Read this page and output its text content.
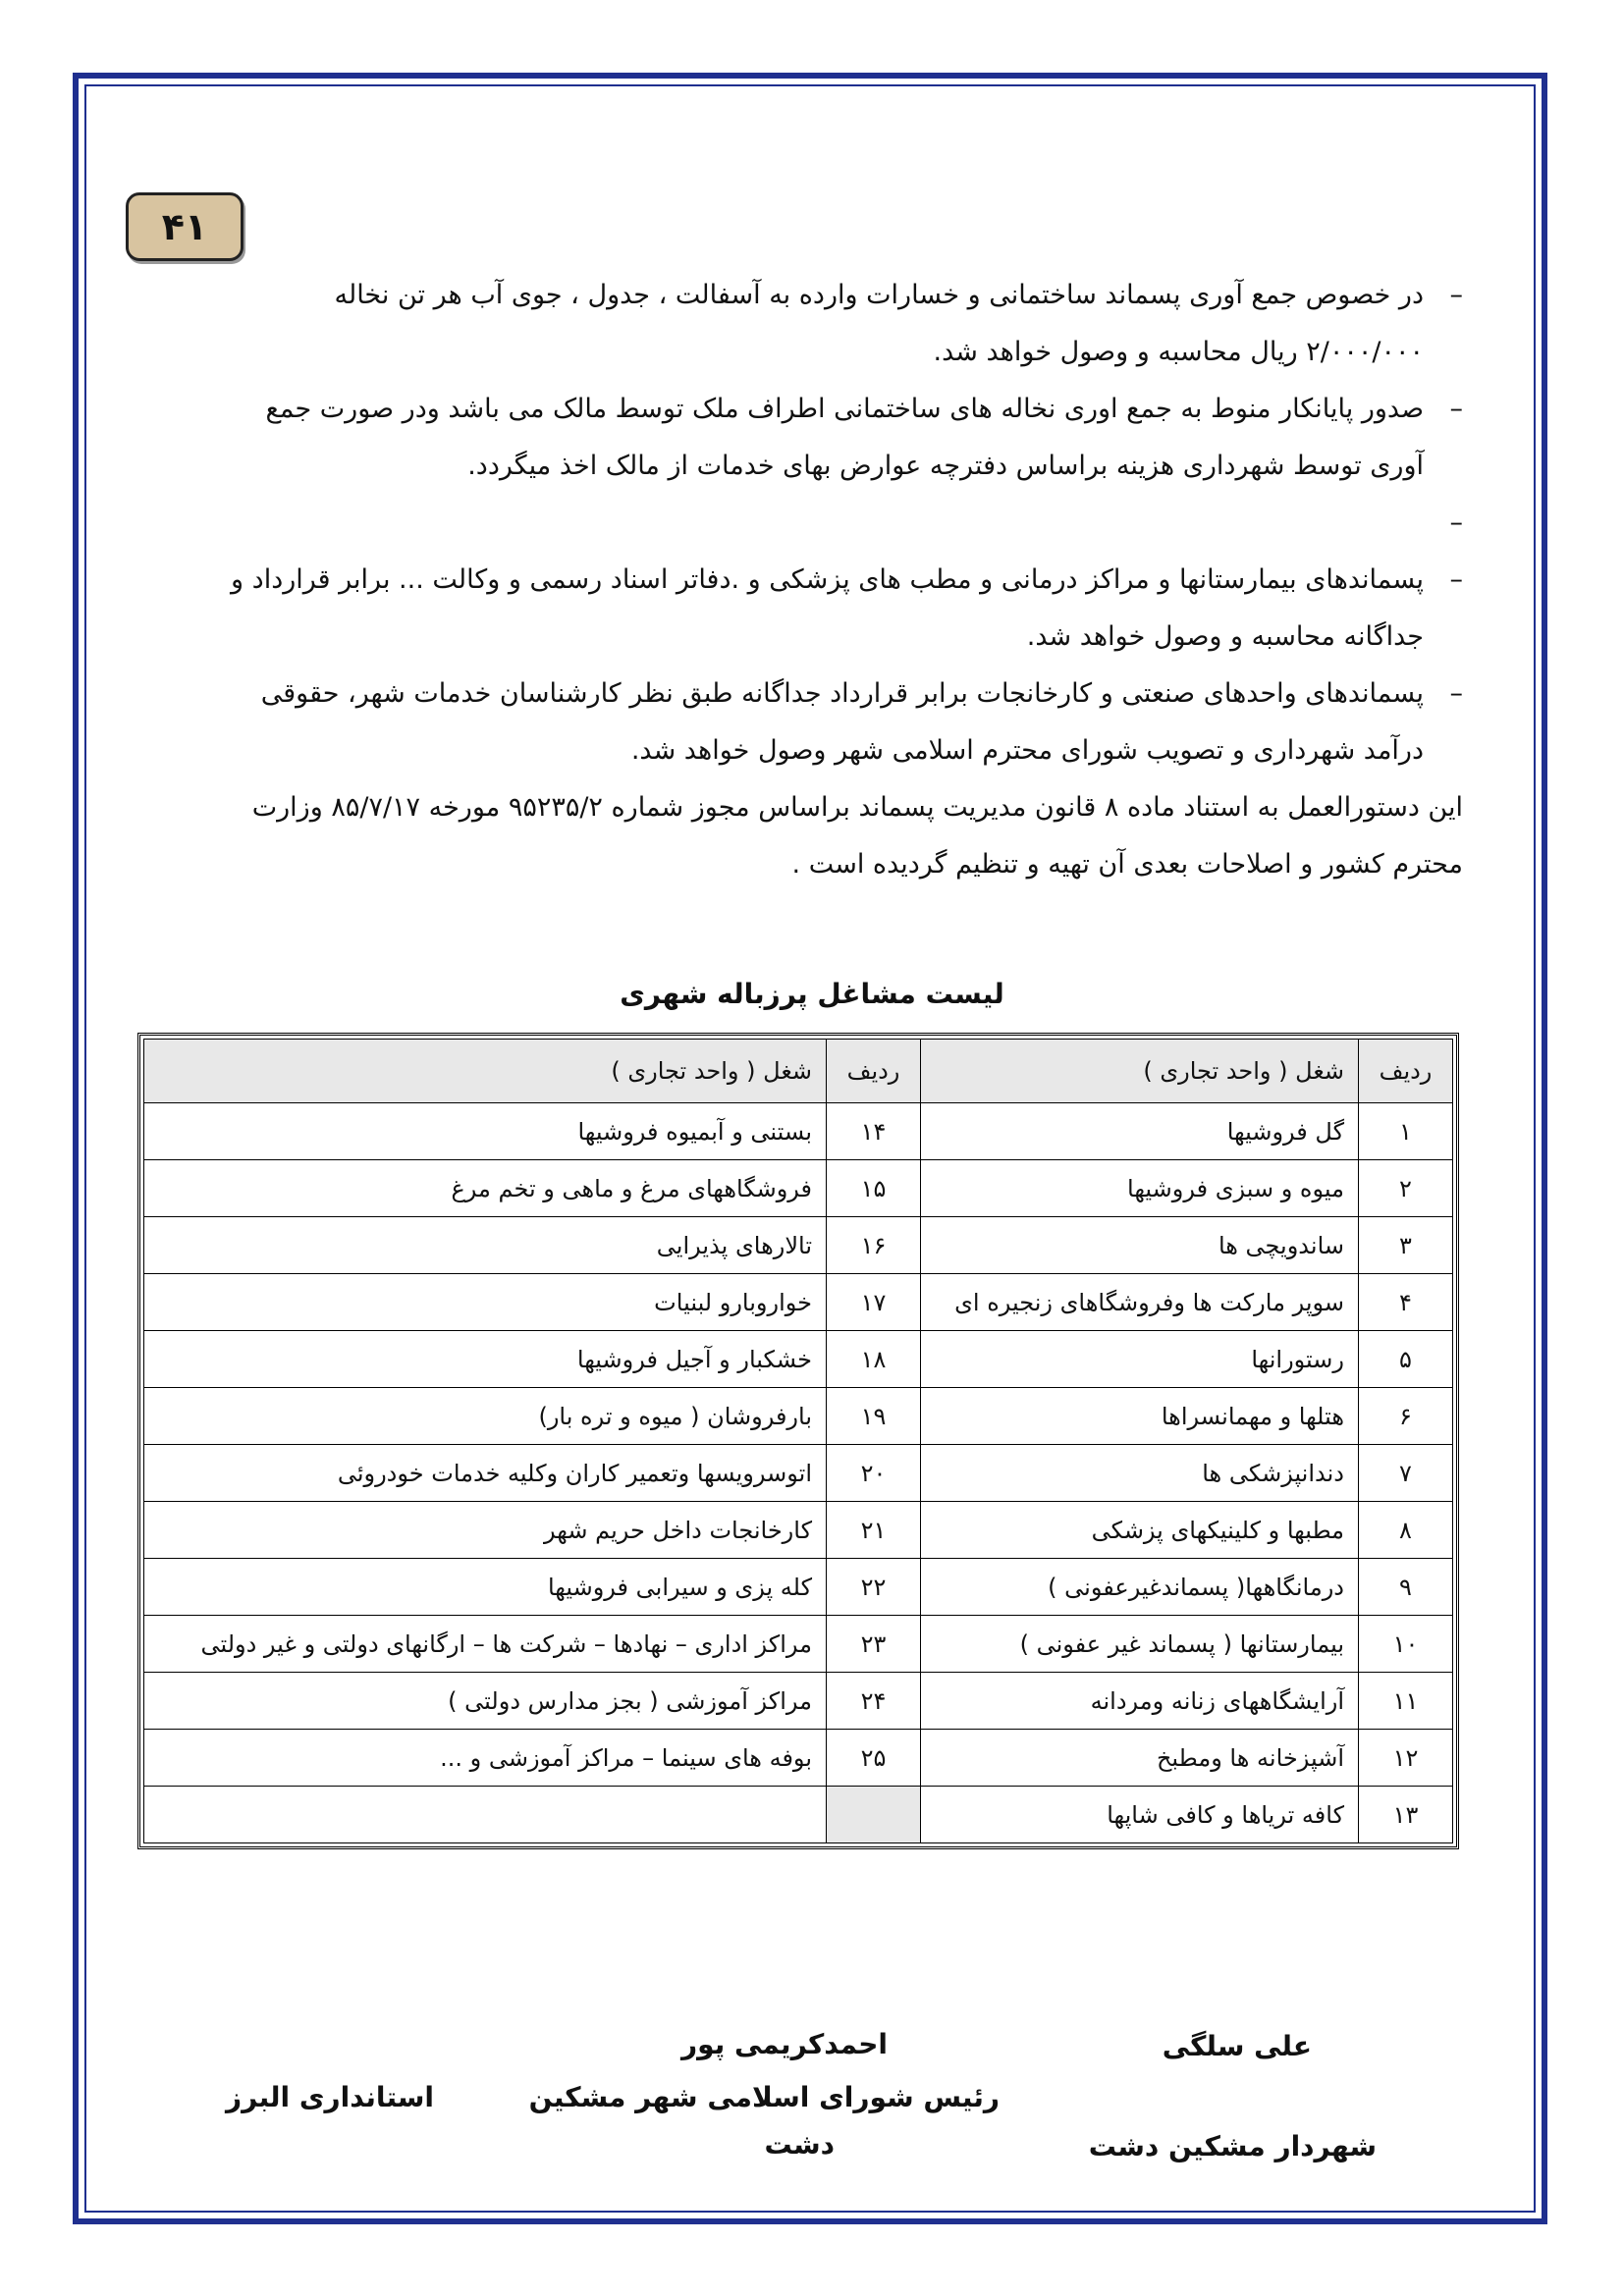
۴۱
–

در خصوص جمع آوری پسماند ساختمانی و خسارات وارده به آسفالت ، جدول ، جوی آب هر تن نخاله

۲/۰۰۰/۰۰۰ ریال محاسبه و وصول خواهد شد.

–

صدور پایانکار منوط به جمع اوری نخاله های ساختمانی اطراف ملک توسط مالک می باشد ودر صورت جمع

آوری توسط شهرداری هزینه براساس دفترچه عوارض بهای خدمات از مالک اخذ میگردد.

–

–

پسماندهای بیمارستانها و مراکز درمانی و مطب های پزشکی و .دفاتر اسناد رسمی و وکالت ... برابر قرارداد و

جداگانه محاسبه و وصول خواهد شد.

–

پسماندهای واحدهای صنعتی و کارخانجات برابر قرارداد جداگانه طبق نظر کارشناسان خدمات شهر، حقوقی

درآمد شهرداری و تصویب شورای محترم اسلامی شهر وصول خواهد شد.

این دستورالعمل به استناد ماده ۸ قانون مدیریت پسماند براساس مجوز شماره ۹۵۲۳۵/۲ مورخه ۸۵/۷/۱۷ وزارت

محترم کشور و اصلاحات بعدی آن تهیه و تنظیم گردیده است .

لیست مشاغل پرزباله شهری
ردیف	شغل ( واحد تجاری )	ردیف	شغل ( واحد تجاری )
۱	گل فروشیها	۱۴	بستنی و آبمیوه فروشیها
۲	میوه و سبزی فروشیها	۱۵	فروشگاههای مرغ و ماهی و تخم مرغ
۳	ساندویچی ها	۱۶	تالارهای پذیرایی
۴	سوپر مارکت ها وفروشگاهای زنجیره ای	۱۷	خواروبارو لبنیات
۵	رستورانها	۱۸	خشکبار و آجیل فروشیها
۶	هتلها و مهمانسراها	۱۹	بارفروشان ( میوه و تره بار)
۷	دندانپزشکی ها	۲۰	اتوسرویسها وتعمیر کاران وکلیه خدمات خودروئی
۸	مطبها و کلینیکهای پزشکی	۲۱	کارخانجات داخل حریم شهر
۹	درمانگاهها( پسماندغیرعفونی )	۲۲	کله پزی و سیرابی فروشیها
۱۰	بیمارستانها ( پسماند غیر عفونی )	۲۳	مراکز اداری – نهادها – شرکت ها – ارگانهای دولتی و غیر دولتی
۱۱	آرایشگاههای زنانه ومردانه	۲۴	مراکز آموزشی ( بجز مدارس دولتی )
۱۲	آشپزخانه ها ومطبخ	۲۵	بوفه های سینما – مراکز آموزشی و ...
۱۳	کافه تریاها و کافی شاپها		
علی سلگی
شهردار مشکین دشت
احمدکریمی پور
رئیس شورای اسلامی شهر مشکین
دشت
استانداری البرز
